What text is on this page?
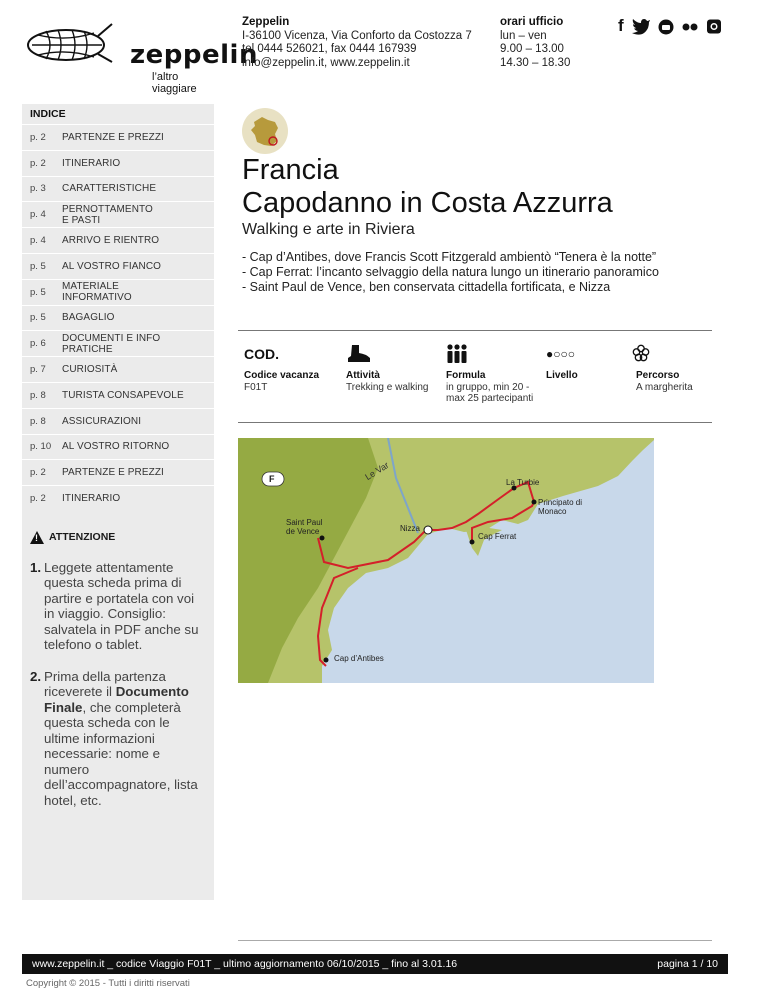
zeppelin
l’altro viaggiare
Zeppelin
I-36100 Vicenza, Via Conforto da Costozza 7
tel 0444 526021, fax 0444 167939
info@zeppelin.it, www.zeppelin.it
orari ufficio
lun – ven
9.00 – 13.00
14.30 – 18.30
f
INDICE
p. 2	PARTENZE E PREZZI
p. 2	ITINERARIO
p. 3	CARATTERISTICHE
p. 4	PERNOTTAMENTO E PASTI
p. 4	ARRIVO E RIENTRO
p. 5	AL VOSTRO FIANCO
p. 5	MATERIALE INFORMATIVO
p. 5	BAGAGLIO
p. 6	DOCUMENTI E INFO PRATICHE
p. 7	CURIOSITÀ
p. 8	TURISTA CONSAPEVOLE
p. 8	ASSICURAZIONI
p. 10	AL VOSTRO RITORNO
p. 2	PARTENZE E PREZZI
p. 2	ITINERARIO
! ATTENZIONE
1. Leggete attentamente questa scheda prima di partire e portatela con voi in viaggio. Consiglio: salvatela in PDF anche su telefono o tablet.
2. Prima della partenza riceverete il Documento Finale, che completerà questa scheda con le ultime informazioni necessarie: nome e numero dell’accompagnatore, lista hotel, etc.
Francia
Capodanno in Costa Azzurra
Walking e arte in Riviera
- Cap d’Antibes, dove Francis Scott Fitzgerald ambientò “Tenera è la notte”
- Cap Ferrat: l’incanto selvaggio della natura lungo un itinerario panoramico
- Saint Paul de Vence, ben conservata cittadella fortificata, e Nizza
COD.	●○○○
Codice vacanza
F01T
Attività
Trekking e walking
Formula
in gruppo, min 20 - max 25 partecipanti
Livello	Percorso
A margherita
F	Le Var
Saint Paul de Vence	Nizza
La Turbie
Principato di Monaco
Cap Ferrat
Cap d’Antibes
www.zeppelin.it _ codice Viaggio F01T _ ultimo aggiornamento 06/10/2015 _ fino al 3.01.16	pagina 1 / 10
Copyright © 2015 - Tutti i diritti riservati
